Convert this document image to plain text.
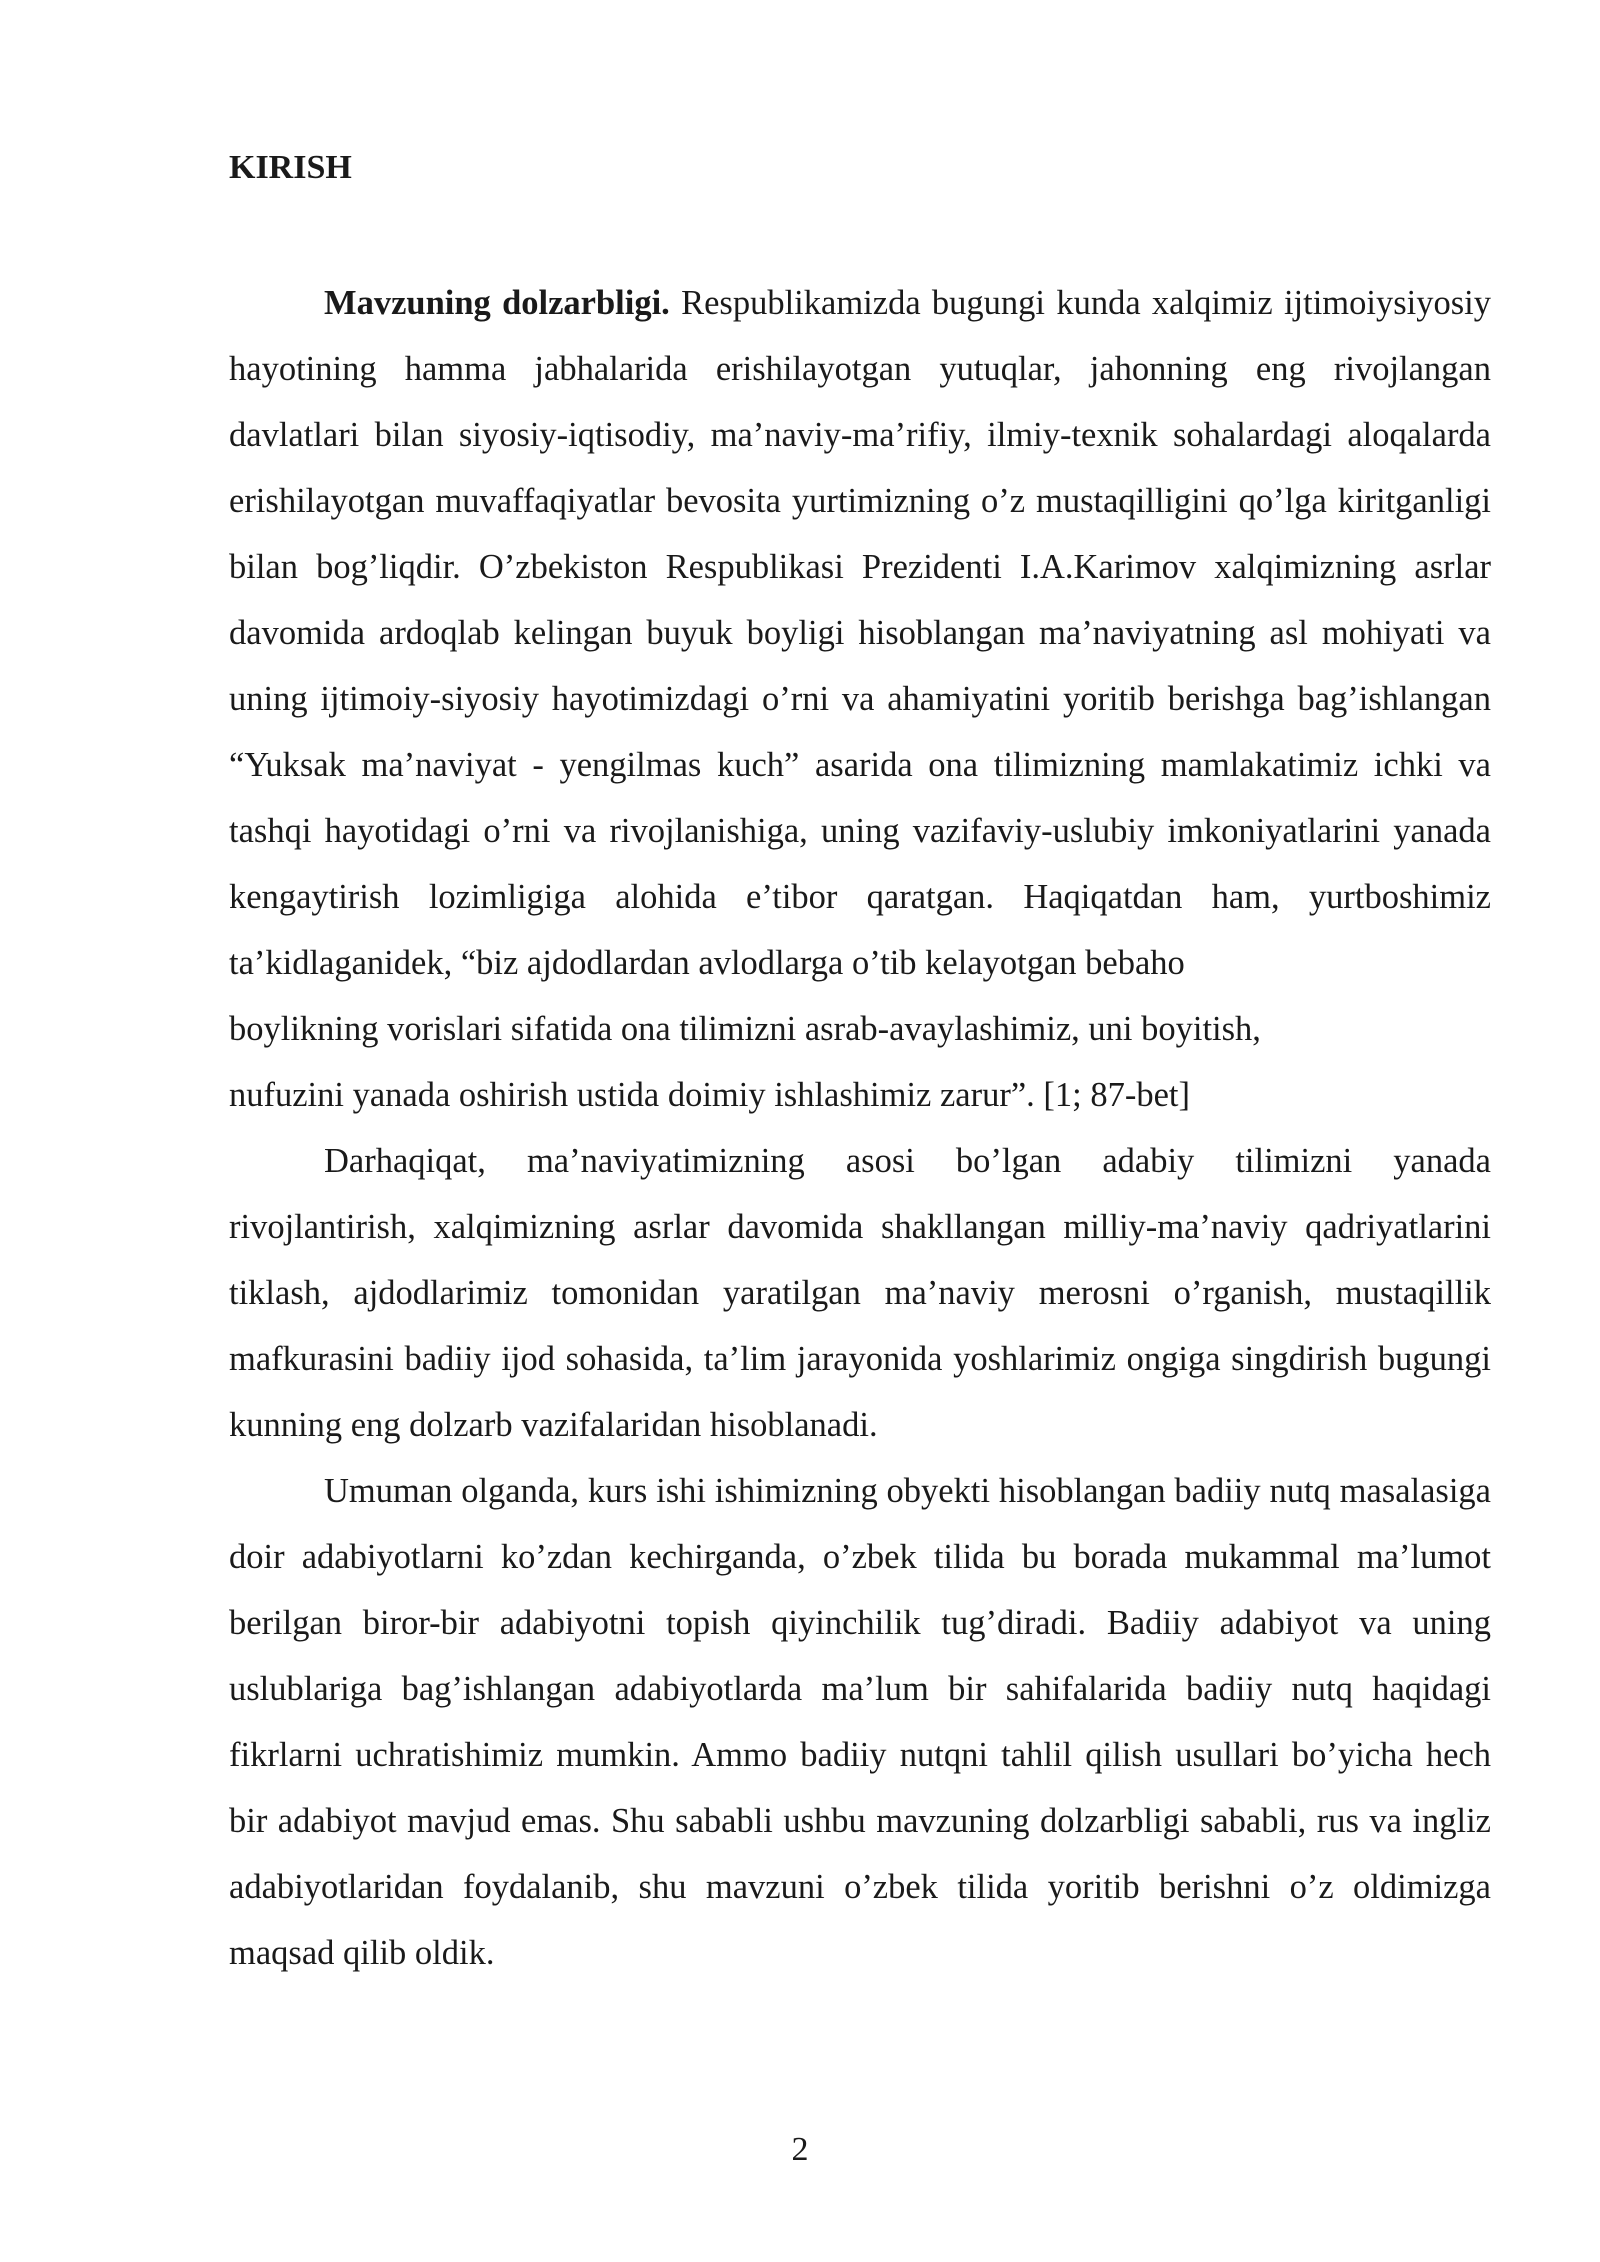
KIRISH

Mavzuning dolzarbligi. Respublikamizda bugungi kunda xalqimiz ijtimoiysiyosiy hayotining hamma jabhalarida erishilayotgan yutuqlar, jahonning eng rivojlangan davlatlari bilan siyosiy-iqtisodiy, ma’naviy-ma’rifiy, ilmiy-texnik sohalardagi aloqalarda erishilayotgan muvaffaqiyatlar bevosita yurtimizning o’z mustaqilligini qo’lga kiritganligi bilan bog’liqdir. O’zbekiston Respublikasi Prezidenti I.A.Karimov xalqimizning asrlar davomida ardoqlab kelingan buyuk boyligi hisoblangan ma’naviyatning asl mohiyati va uning ijtimoiy-siyosiy hayotimizdagi o’rni va ahamiyatini yoritib berishga bag’ishlangan “Yuksak ma’naviyat - yengilmas kuch” asarida ona tilimizning mamlakatimiz ichki va tashqi hayotidagi o’rni va rivojlanishiga, uning vazifaviy-uslubiy imkoniyatlarini yanada kengaytirish lozimligiga alohida e’tibor qaratgan. Haqiqatdan ham, yurtboshimiz ta’kidlaganidek, “biz ajdodlardan avlodlarga o’tib kelayotgan bebaho

boylikning vorislari sifatida ona tilimizni asrab-avaylashimiz, uni boyitish,
nufuzini yanada oshirish ustida doimiy ishlashimiz zarur”. [1; 87-bet]

Darhaqiqat, ma’naviyatimizning asosi bo’lgan adabiy tilimizni yanada rivojlantirish, xalqimizning asrlar davomida shakllangan milliy-ma’naviy qadriyatlarini tiklash, ajdodlarimiz tomonidan yaratilgan ma’naviy merosni o’rganish, mustaqillik mafkurasini badiiy ijod sohasida, ta’lim jarayonida yoshlarimiz ongiga singdirish bugungi kunning eng dolzarb vazifalaridan hisoblanadi.

Umuman olganda, kurs ishi ishimizning obyekti hisoblangan badiiy nutq masalasiga doir adabiyotlarni ko’zdan kechirganda, o’zbek tilida bu borada mukammal ma’lumot berilgan biror-bir adabiyotni topish qiyinchilik tug’diradi. Badiiy adabiyot va uning uslublariga bag’ishlangan adabiyotlarda ma’lum bir sahifalarida badiiy nutq haqidagi fikrlarni uchratishimiz mumkin. Ammo badiiy nutqni tahlil qilish usullari bo’yicha hech bir adabiyot mavjud emas. Shu sababli ushbu mavzuning dolzarbligi sababli, rus va ingliz adabiyotlaridan foydalanib, shu mavzuni o’zbek tilida yoritib berishni o’z oldimizga maqsad qilib oldik.

2
